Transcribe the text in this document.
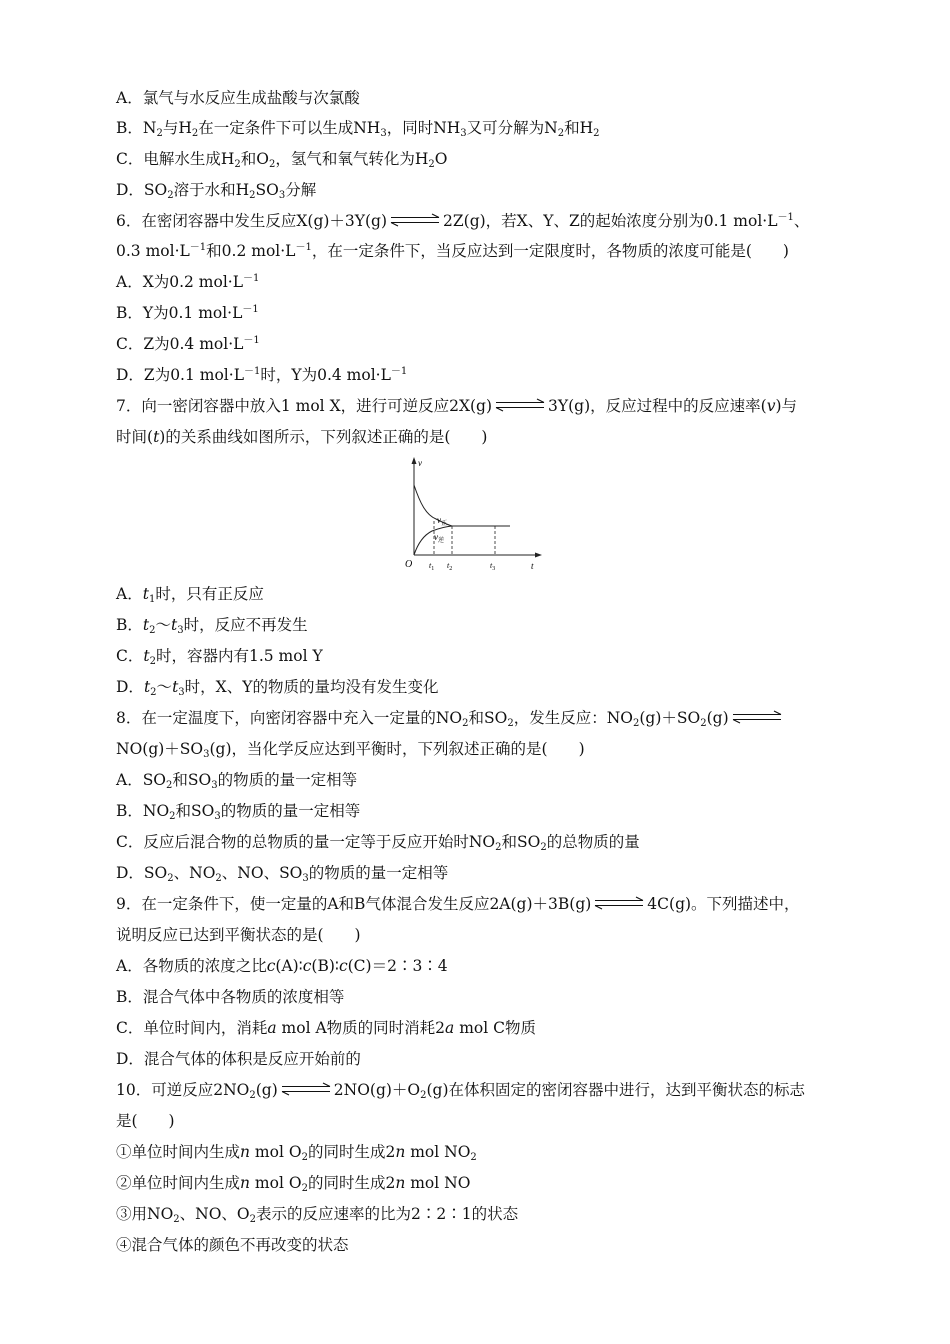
A．氯气与水反应生成盐酸与次氯酸
B．$N_2$与$H_2$在一定条件下可以生成$NH_3$，同时$NH_3$又可分解为$N_2$和$H_2$
C．电解水生成$H_2$和$O_2$，氢气和氧气转化为$H_2O$
D．$SO_2$溶于水和$H_2SO_3$分解
6．在密闭容器中发生反应X(g)＋3Y(g) ⇌ 2Z(g)，若X、Y、Z的起始浓度分别为0.1 $mol\cdot L^{-1}$、
0.3 $mol\cdot L^{-1}$和0.2 $mol\cdot L^{-1}$，在一定条件下，当反应达到一定限度时，各物质的浓度可能是(　　)
A．X为0.2 $mol\cdot L^{-1}$
B．Y为0.1 $mol\cdot L^{-1}$
C．Z为0.4 $mol\cdot L^{-1}$
D．Z为0.1 $mol\cdot L^{-1}$时，Y为0.4 $mol\cdot L^{-1}$
7．向一密闭容器中放入1 mol X，进行可逆反应2X(g) ⇌ 3Y(g)，反应过程中的反应速率(v)与
时间(t)的关系曲线如图所示，下列叙述正确的是(　　)
A．$t_1$时，只有正反应
B．$t_2\sim t_3$时，反应不再发生
C．$t_2$时，容器内有1.5 mol Y
D．$t_2\sim t_3$时，X、Y的物质的量均没有发生变化
8．在一定温度下，向密闭容器中充入一定量的$NO_2$和$SO_2$，发生反应：$NO_2(g)+SO_2(g)$ ⇌
$NO(g)+SO_3(g)$，当化学反应达到平衡时，下列叙述正确的是(　　)
A．$SO_2$和$SO_3$的物质的量一定相等
B．$NO_2$和$SO_3$的物质的量一定相等
C．反应后混合物的总物质的量一定等于反应开始时$NO_2$和$SO_2$的总物质的量
D．$SO_2$、$NO_2$、NO、$SO_3$的物质的量一定相等
9．在一定条件下，使一定量的A和B气体混合发生反应2A(g)＋3B(g) ⇌ 4C(g)。下列描述中，
说明反应已达到平衡状态的是(　　)
A．各物质的浓度之比c(A)∶c(B)∶c(C)＝2∶3∶4
B．混合气体中各物质的浓度相等
C．单位时间内，消耗a mol A物质的同时消耗2a mol C物质
D．混合气体的体积是反应开始前的
10．可逆反应$2NO_2(g)$ ⇌ $2NO(g)+O_2(g)$在体积固定的密闭容器中进行，达到平衡状态的标志
是(　　)
①单位时间内生成n mol $O_2$的同时生成2n mol $NO_2$
②单位时间内生成n mol $O_2$的同时生成2n mol NO
③用$NO_2$、NO、$O_2$表示的反应速率的比为2∶2∶1的状态
④混合气体的颜色不再改变的状态
v
t
O
$v_正$
$v_逆$
$t_1$ $t_2$	$t_3$
